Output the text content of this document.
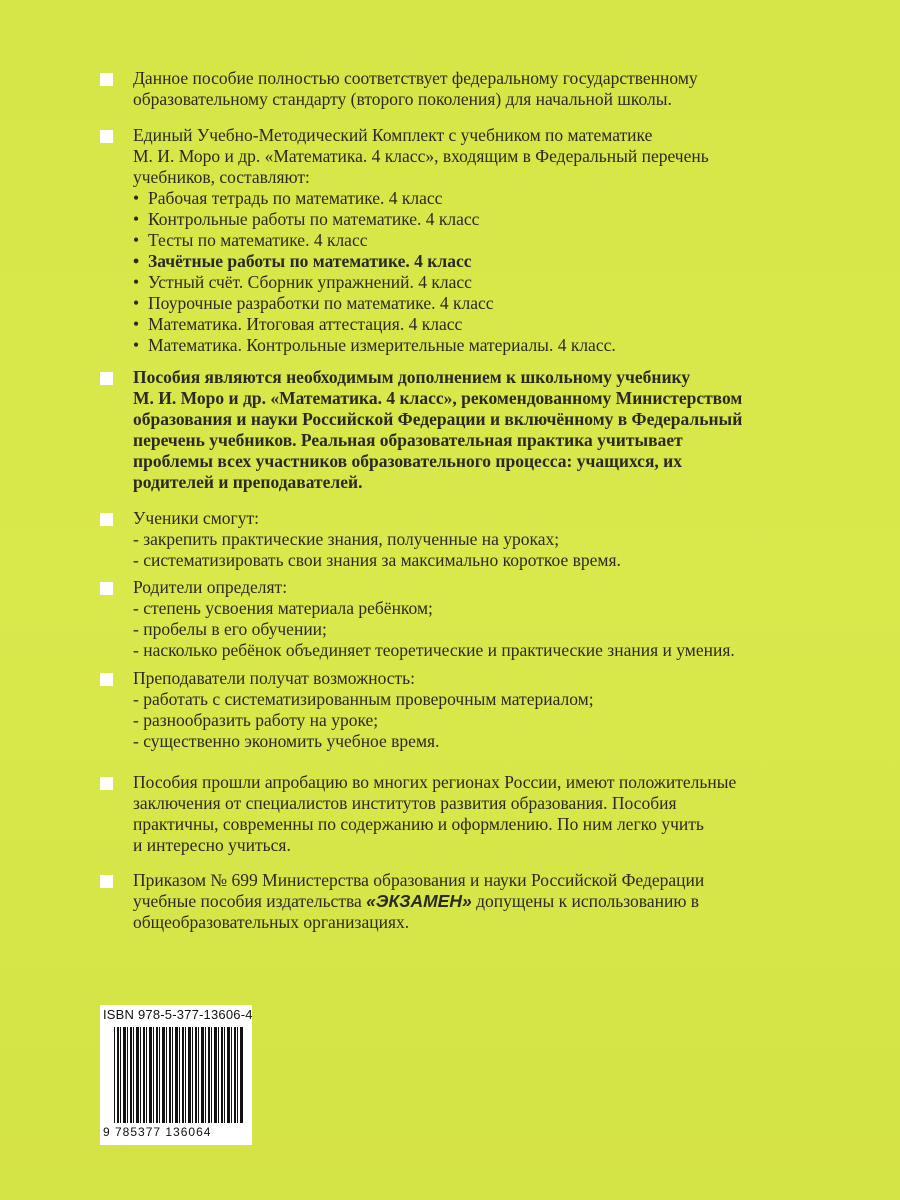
Данное пособие полностью соответствует федеральному государственному

образовательному стандарту (второго поколения) для начальной школы.

Единый Учебно-Методический Комплект с учебником по математике

М. И. Моро и др. «Математика. 4 класс», входящим в Федеральный перечень

учебников, составляют:

• Рабочая тетрадь по математике. 4 класс
• Контрольные работы по математике. 4 класс
• Тесты по математике. 4 класс
• Зачётные работы по математике. 4 класс
• Устный счёт. Сборник упражнений. 4 класс
• Поурочные разработки по математике. 4 класс
• Математика. Итоговая аттестация. 4 класс
• Математика. Контрольные измерительные материалы. 4 класс.

Пособия являются необходимым дополнением к школьному учебнику

М. И. Моро и др. «Математика. 4 класс», рекомендованному Министерством

образования и науки Российской Федерации и включённому в Федеральный

перечень учебников. Реальная образовательная практика учитывает

проблемы всех участников образовательного процесса: учащихся, их

родителей и преподавателей.

Ученики смогут:

- закрепить практические знания, полученные на уроках;

- систематизировать свои знания за максимально короткое время.

Родители определят:

- степень усвоения материала ребёнком;

- пробелы в его обучении;

- насколько ребёнок объединяет теоретические и практические знания и умения.

Преподаватели получат возможность:

- работать с систематизированным проверочным материалом;

- разнообразить работу на уроке;

- существенно экономить учебное время.

Пособия прошли апробацию во многих регионах России, имеют положительные

заключения от специалистов институтов развития образования. Пособия

практичны, современны по содержанию и оформлению. По ним легко учить

и интересно учиться.

Приказом № 699 Министерства образования и науки Российской Федерации

учебные пособия издательства «ЭКЗАМЕН» допущены к использованию в

общеобразовательных организациях.

ISBN 978-5-377-13606-4
9 785377 136064
